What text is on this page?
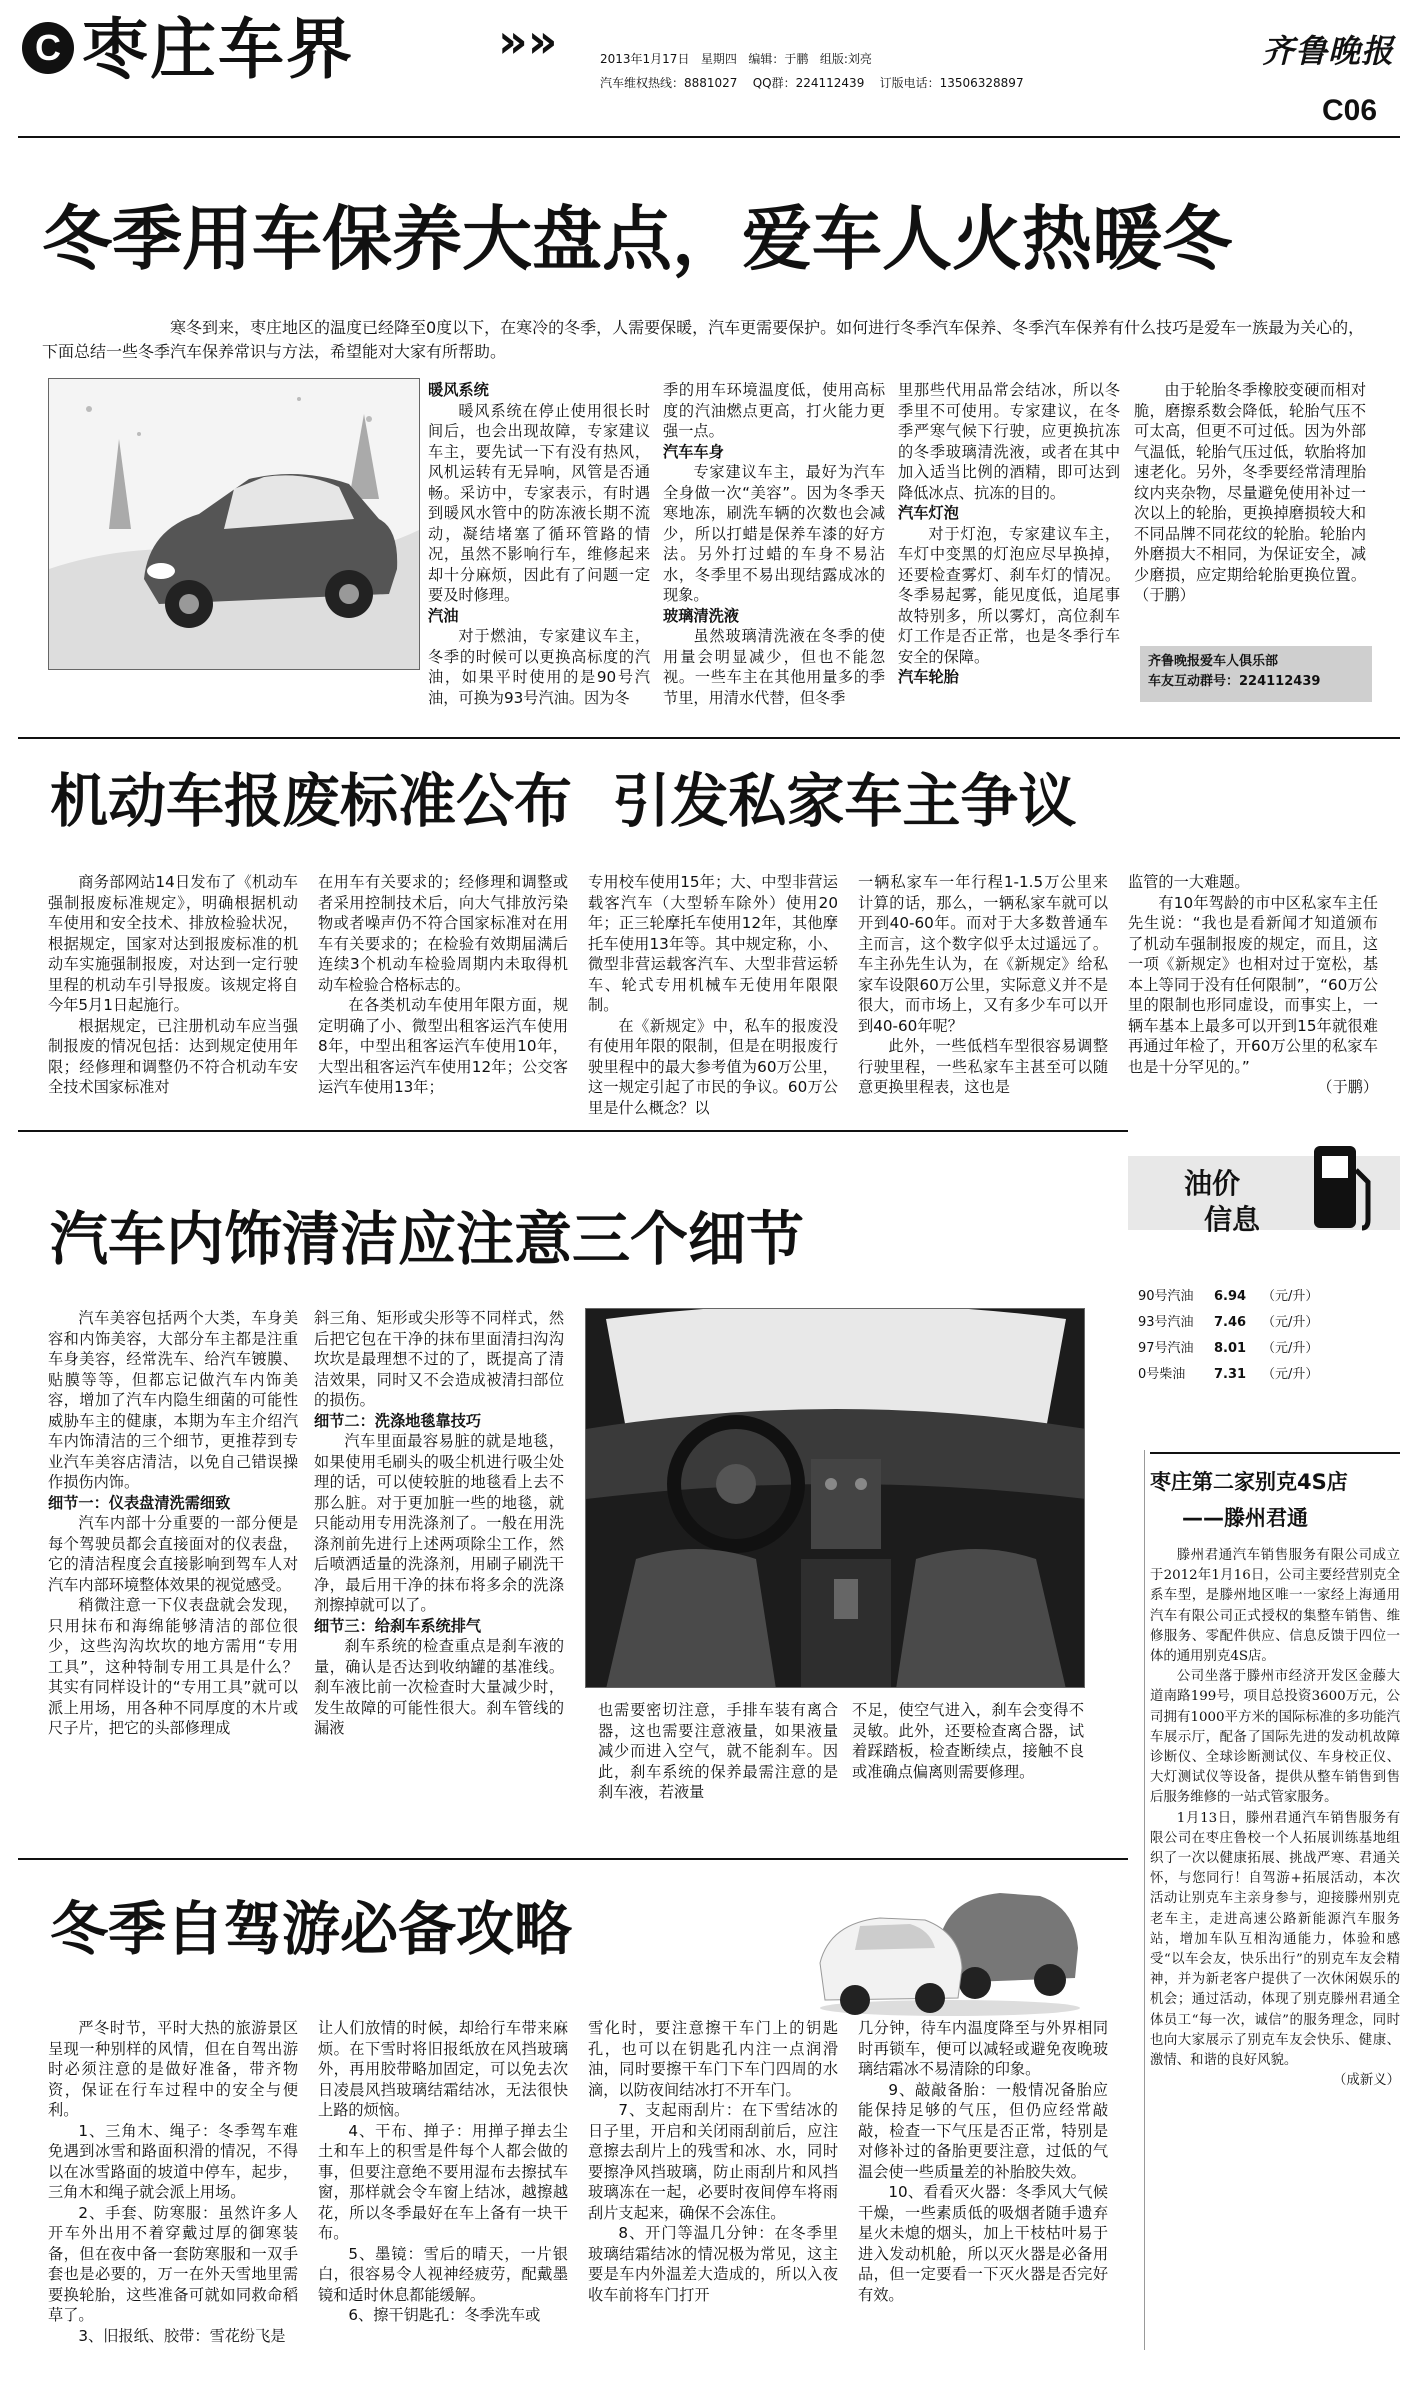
C 枣庄车界	»»	2013年1月17日 星期四 编辑：于鹏 组版:刘亮
汽车维权热线：8881027 QQ群：224112439 订版电话：13506328897
齐鲁晚报
C06
冬季用车保养大盘点，爱车人火热暖冬
寒冬到来，枣庄地区的温度已经降至0度以下，在寒冷的冬季，人需要保暖，汽车更需要保护。如何进行冬季汽车保养、冬季汽车保养有什么技巧是爱车一族最为关心的，下面总结一些冬季汽车保养常识与方法，希望能对大家有所帮助。

暖风系统

暖风系统在停止使用很长时间后，也会出现故障，专家建议车主，要先试一下有没有热风，风机运转有无异响，风管是否通畅。采访中，专家表示，有时遇到暖风水管中的防冻液长期不流动，凝结堵塞了循环管路的情况，虽然不影响行车，维修起来却十分麻烦，因此有了问题一定要及时修理。

汽油

对于燃油，专家建议车主，冬季的时候可以更换高标度的汽油，如果平时使用的是90号汽油，可换为93号汽油。因为冬

季的用车环境温度低，使用高标度的汽油燃点更高，打火能力更强一点。

汽车车身

专家建议车主，最好为汽车全身做一次“美容”。因为冬季天寒地冻，刷洗车辆的次数也会减少，所以打蜡是保养车漆的好方法。另外打过蜡的车身不易沾水，冬季里不易出现结露成冰的现象。

玻璃清洗液

虽然玻璃清洗液在冬季的使用量会明显减少，但也不能忽视。一些车主在其他用量多的季节里，用清水代替，但冬季

里那些代用品常会结冰，所以冬季里不可使用。专家建议，在冬季严寒气候下行驶，应更换抗冻的冬季玻璃清洗液，或者在其中加入适当比例的酒精，即可达到降低冰点、抗冻的目的。

汽车灯泡

对于灯泡，专家建议车主，车灯中变黑的灯泡应尽早换掉，还要检查雾灯、刹车灯的情况。冬季易起雾，能见度低，追尾事故特别多，所以雾灯，高位刹车灯工作是否正常，也是冬季行车安全的保障。

汽车轮胎

由于轮胎冬季橡胶变硬而相对脆，磨擦系数会降低，轮胎气压不可太高，但更不可过低。因为外部气温低，轮胎气压过低，软胎将加速老化。另外，冬季要经常清理胎纹内夹杂物，尽量避免使用补过一次以上的轮胎，更换掉磨损较大和不同品牌不同花纹的轮胎。轮胎内外磨损大不相同，为保证安全，减少磨损，应定期给轮胎更换位置。（于鹏）

齐鲁晚报爱车人俱乐部
车友互动群号：224112439
机动车报废标准公布  引发私家车主争议

商务部网站14日发布了《机动车强制报废标准规定》，明确根据机动车使用和安全技术、排放检验状况，根据规定，国家对达到报废标准的机动车实施强制报废，对达到一定行驶里程的机动车引导报废。该规定将自今年5月1日起施行。

根据规定，已注册机动车应当强制报废的情况包括：达到规定使用年限；经修理和调整仍不符合机动车安全技术国家标准对

在用车有关要求的；经修理和调整或者采用控制技术后，向大气排放污染物或者噪声仍不符合国家标准对在用车有关要求的；在检验有效期届满后连续3个机动车检验周期内未取得机动车检验合格标志的。

在各类机动车使用年限方面，规定明确了小、微型出租客运汽车使用8年，中型出租客运汽车使用10年，大型出租客运汽车使用12年；公交客运汽车使用13年；

专用校车使用15年；大、中型非营运载客汽车（大型轿车除外）使用20年；正三轮摩托车使用12年，其他摩托车使用13年等。其中规定称，小、微型非营运载客汽车、大型非营运轿车、轮式专用机械车无使用年限限制。

在《新规定》中，私车的报废没有使用年限的限制，但是在明报废行驶里程中的最大参考值为60万公里，这一规定引起了市民的争议。60万公里是什么概念？以

一辆私家车一年行程1-1.5万公里来计算的话，那么，一辆私家车就可以开到40-60年。而对于大多数普通车主而言，这个数字似乎太过遥远了。车主孙先生认为，在《新规定》给私家车设限60万公里，实际意义并不是很大，而市场上，又有多少车可以开到40-60年呢？

此外，一些低档车型很容易调整行驶里程，一些私家车主甚至可以随意更换里程表，这也是

监管的一大难题。

有10年驾龄的市中区私家车主任先生说：“我也是看新闻才知道颁布了机动车强制报废的规定，而且，这一项《新规定》也相对过于宽松，基本上等同于没有任何限制”，“60万公里的限制也形同虚设，而事实上，一辆车基本上最多可以开到15年就很难再通过年检了，开60万公里的私家车也是十分罕见的。”

（于鹏）

汽车内饰清洁应注意三个细节

汽车美容包括两个大类，车身美容和内饰美容，大部分车主都是注重车身美容，经常洗车、给汽车镀膜、贴膜等等，但都忘记做汽车内饰美容，增加了汽车内隐生细菌的可能性威胁车主的健康，本期为车主介绍汽车内饰清洁的三个细节，更推荐到专业汽车美容店清洁，以免自己错误操作损伤内饰。

细节一：仪表盘清洗需细致

汽车内部十分重要的一部分便是每个驾驶员都会直接面对的仪表盘，它的清洁程度会直接影响到驾车人对汽车内部环境整体效果的视觉感受。

稍微注意一下仪表盘就会发现，只用抹布和海绵能够清洁的部位很少，这些沟沟坎坎的地方需用“专用工具”，这种特制专用工具是什么？其实有同样设计的“专用工具”就可以派上用场，用各种不同厚度的木片或尺子片，把它的头部修理成

斜三角、矩形或尖形等不同样式，然后把它包在干净的抹布里面清扫沟沟坎坎是最理想不过的了，既提高了清洁效果，同时又不会造成被清扫部位的损伤。

细节二：洗涤地毯靠技巧

汽车里面最容易脏的就是地毯，如果使用毛刷头的吸尘机进行吸尘处理的话，可以使较脏的地毯看上去不那么脏。对于更加脏一些的地毯，就只能动用专用洗涤剂了。一般在用洗涤剂前先进行上述两项除尘工作，然后喷洒适量的洗涤剂，用刷子刷洗干净，最后用干净的抹布将多余的洗涤剂擦掉就可以了。

细节三：给刹车系统排气

刹车系统的检查重点是刹车液的量，确认是否达到收纳罐的基准线。刹车液比前一次检查时大量减少时，发生故障的可能性很大。刹车管线的漏液

也需要密切注意，手排车装有离合器，这也需要注意液量，如果液量减少而进入空气，就不能刹车。因此，刹车系统的保养最需注意的是刹车液，若液量
不足，使空气进入，刹车会变得不灵敏。此外，还要检查离合器，试着踩踏板，检查断续点，接触不良或准确点偏离则需要修理。
油价
信息
90号汽油 6.94 （元/升）
93号汽油 7.46 （元/升）
97号汽油 8.01 （元/升）
0号柴油 7.31 （元/升）
枣庄第二家别克4S店
——滕州君通

滕州君通汽车销售服务有限公司成立于2012年1月16日，公司主要经营别克全系车型，是滕州地区唯一一家经上海通用汽车有限公司正式授权的集整车销售、维修服务、零配件供应、信息反馈于四位一体的通用别克4S店。

公司坐落于滕州市经济开发区金藤大道南路199号，项目总投资3600万元，公司拥有1000平方米的国际标准的多功能汽车展示厅，配备了国际先进的发动机故障诊断仪、全球诊断测试仪、车身校正仪、大灯测试仪等设备，提供从整车销售到售后服务维修的一站式管家服务。

1月13日，滕州君通汽车销售服务有限公司在枣庄鲁校一个人拓展训练基地组织了一次以健康拓展、挑战严寒、君通关怀，与您同行！自驾游+拓展活动，本次活动让别克车主亲身参与，迎接滕州别克老车主，走进高速公路新能源汽车服务站，增加车队互相沟通能力，体验和感受“以车会友，快乐出行”的别克车友会精神，并为新老客户提供了一次休闲娱乐的机会；通过活动，体现了别克滕州君通全体员工“每一次，诚信”的服务理念，同时也向大家展示了别克车友会快乐、健康、激情、和谐的良好风貌。

（成新义）

冬季自驾游必备攻略

严冬时节，平时大热的旅游景区呈现一种别样的风情，但在自驾出游时必须注意的是做好准备，带齐物资，保证在行车过程中的安全与便利。

1、三角木、绳子：冬季驾车难免遇到冰雪和路面积滑的情况，不得以在冰雪路面的坡道中停车，起步，三角木和绳子就会派上用场。

2、手套、防寒服：虽然许多人开车外出用不着穿戴过厚的御寒装备，但在夜中备一套防寒服和一双手套也是必要的，万一在外天雪地里需要换轮胎，这些准备可就如同救命稻草了。

3、旧报纸、胶带：雪花纷飞是

让人们放情的时候，却给行车带来麻烦。在下雪时将旧报纸放在风挡玻璃外，再用胶带略加固定，可以免去次日凌晨风挡玻璃结霜结冰，无法很快上路的烦恼。

4、干布、掸子：用掸子掸去尘土和车上的积雪是件每个人都会做的事，但要注意绝不要用湿布去擦拭车窗，那样就会令车窗上结冰，越擦越花，所以冬季最好在车上备有一块干布。

5、墨镜：雪后的晴天，一片银白，很容易令人视神经疲劳，配戴墨镜和适时休息都能缓解。

6、擦干钥匙孔：冬季洗车或

雪化时，要注意擦干车门上的钥匙孔，也可以在钥匙孔内注一点润滑油，同时要擦干车门下车门四周的水滴，以防夜间结冰打不开车门。

7、支起雨刮片：在下雪结冰的日子里，开启和关闭雨刮前后，应注意擦去刮片上的残雪和冰、水，同时要擦净风挡玻璃，防止雨刮片和风挡玻璃冻在一起，必要时夜间停车将雨刮片支起来，确保不会冻住。

8、开门等温几分钟：在冬季里玻璃结霜结冰的情况极为常见，这主要是车内外温差大造成的，所以入夜收车前将车门打开

几分钟，待车内温度降至与外界相同时再锁车，便可以减轻或避免夜晚玻璃结霜冰不易清除的印象。

9、敲敲备胎：一般情况备胎应能保持足够的气压，但仍应经常敲敲，检查一下气压是否正常，特别是对修补过的备胎更要注意，过低的气温会使一些质量差的补胎胶失效。

10、看看灭火器：冬季风大气候干燥，一些素质低的吸烟者随手遗弃星火未熄的烟头，加上干枝枯叶易于进入发动机舱，所以灭火器是必备用品，但一定要看一下灭火器是否完好有效。
